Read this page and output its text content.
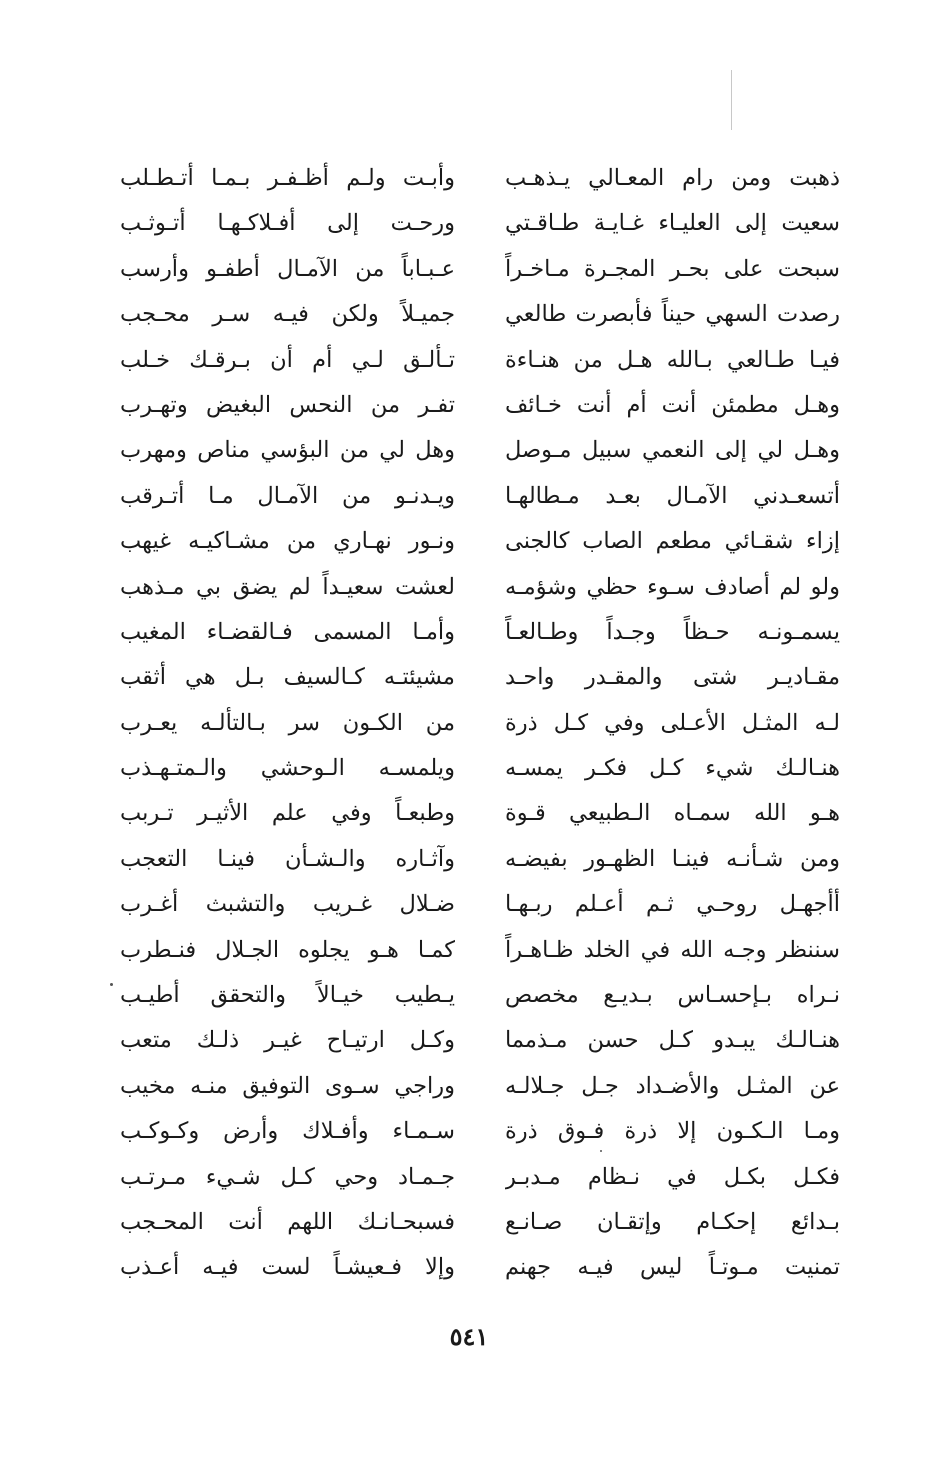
ذهبت ومن رام المعـالي يـذهـب
وأبـت ولـم أظـفـر بـمـا أتـطـلب
سعيت إلى العليـاء غـايـة طـاقـتي
ورحـت إلى أفـلاكـهـا أتـوثـب
سبحت على بحـر المجـرة مـاخـراً
عـبـاباً من الآمـال أطفـو وأرسب
رصدت السهي حيناً فأبصرت طالعي
جميـلاً ولكن فيـه سـر محـجب
فيـا طـالعي بـالله هـل من هنـاءة
تـألـق لـي أم أن بـرقـك خـلب
وهـل مطمئن أنت أم أنت خـائف
تفـر من النحس البغيض وتهـرب
وهـل لي إلى النعمي سبيل مـوصل
وهل لي من البؤسي مناص ومهرب
أتسعـدني الآمـال بعـد مـطالهـا
ويـدنـو من الآمـال مـا أتـرقب
إزاء شقـائي مطعم الصاب كالجنى
ونـور نهـاري من مشـاكيـه غيهب
ولو لم أصادف سـوء حظي وشؤمـه
لعشت سعيـداً لم يضق بي مـذهب
يسمـونـه حـظاً وجـداً وطـالعـاً
وأمـا المسمى فـالقضـاء المغيب
مقـاديـر شتى والمقـدر واحـد
مشيئتـه كـالسيف بـل هي أثقب
لـه المثـل الأعـلى وفي كـل ذرة
من الكـون سر بـالتألـه يعـرب
هنـالـك شيء كـل فكـر يمسـه
ويلمسـه الـوحشي والـمتـهـذب
هـو الله سمـاه الـطبيعي قـوة
وطبعـاً وفي علم الأثيـر تـربب
ومن شـأنـه فينـا الظهـور بفيضـه
وآثـاره والـشـأن فينـا التعجب
أأجهـل روحـي ثـم أعـلم ربـهـا
ضـلال غـريب والتشبث أغـرب
سننظر وجـه الله في الخلد ظـاهـراً
كمـا هـو يجلوه الجـلال فنـطرب
نـراه بـإحسـاس بـديـع مخصص
يـطيب خيـالاً والتحقق أطيـب
هنـالـك يبـدو كـل حسن مـذمما
وكـل ارتيـاح غيـر ذلـك متعب
عن المثـل والأضـداد جـل جـلالـه
وراجي سـوى التوفيق منـه مخيب
ومـا الـكـون إلا ذرة فـوق ذرة
سـمـاء وأفـلاك وأرض وكـوكـب
فكـل بكـل في نـظام مـدبـر
جـمـاد وحي كـل شـيء مـرتـب
بـدائع إحكـام وإتقـان صـانـع
فسبحـانـك اللهم أنت المحـجب
تمنيت مـوتـاً ليس فيـه جهنم
وإلا فـعيشـاً لست فيـه أعـذب
٥٤١
